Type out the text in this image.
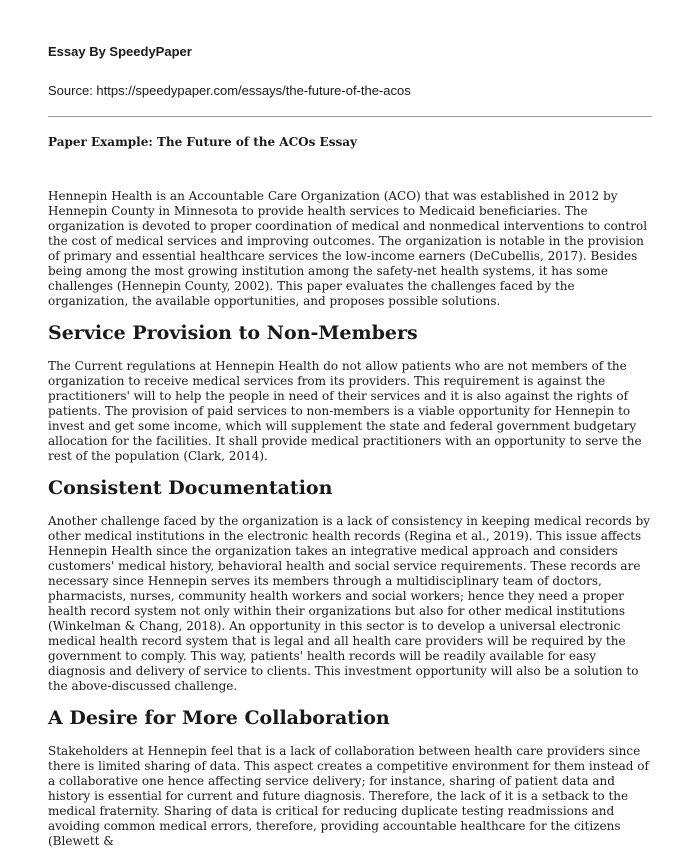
Essay By SpeedyPaper
Source: https://speedypaper.com/essays/the-future-of-the-acos
Paper Example: The Future of the ACOs Essay

Hennepin Health is an Accountable Care Organization (ACO) that was established in 2012 by Hennepin County in Minnesota to provide health services to Medicaid beneficiaries. The organization is devoted to proper coordination of medical and nonmedical interventions to control the cost of medical services and improving outcomes. The organization is notable in the provision of primary and essential healthcare services the low-income earners (DeCubellis, 2017). Besides being among the most growing institution among the safety-net health systems, it has some challenges (Hennepin County, 2002). This paper evaluates the challenges faced by the organization, the available opportunities, and proposes possible solutions.

Service Provision to Non-Members

The Current regulations at Hennepin Health do not allow patients who are not members of the organization to receive medical services from its providers. This requirement is against the practitioners' will to help the people in need of their services and it is also against the rights of patients. The provision of paid services to non-members is a viable opportunity for Hennepin to invest and get some income, which will supplement the state and federal government budgetary allocation for the facilities. It shall provide medical practitioners with an opportunity to serve the rest of the population (Clark, 2014).

Consistent Documentation

Another challenge faced by the organization is a lack of consistency in keeping medical records by other medical institutions in the electronic health records (Regina et al., 2019). This issue affects Hennepin Health since the organization takes an integrative medical approach and considers customers' medical history, behavioral health and social service requirements. These records are necessary since Hennepin serves its members through a multidisciplinary team of doctors, pharmacists, nurses, community health workers and social workers; hence they need a proper health record system not only within their organizations but also for other medical institutions (Winkelman & Chang, 2018). An opportunity in this sector is to develop a universal electronic medical health record system that is legal and all health care providers will be required by the government to comply. This way, patients' health records will be readily available for easy diagnosis and delivery of service to clients. This investment opportunity will also be a solution to the above-discussed challenge.

A Desire for More Collaboration

Stakeholders at Hennepin feel that is a lack of collaboration between health care providers since there is limited sharing of data. This aspect creates a competitive environment for them instead of a collaborative one hence affecting service delivery; for instance, sharing of patient data and history is essential for current and future diagnosis. Therefore, the lack of it is a setback to the medical fraternity. Sharing of data is critical for reducing duplicate testing readmissions and avoiding common medical errors, therefore, providing accountable healthcare for the citizens (Blewett &
